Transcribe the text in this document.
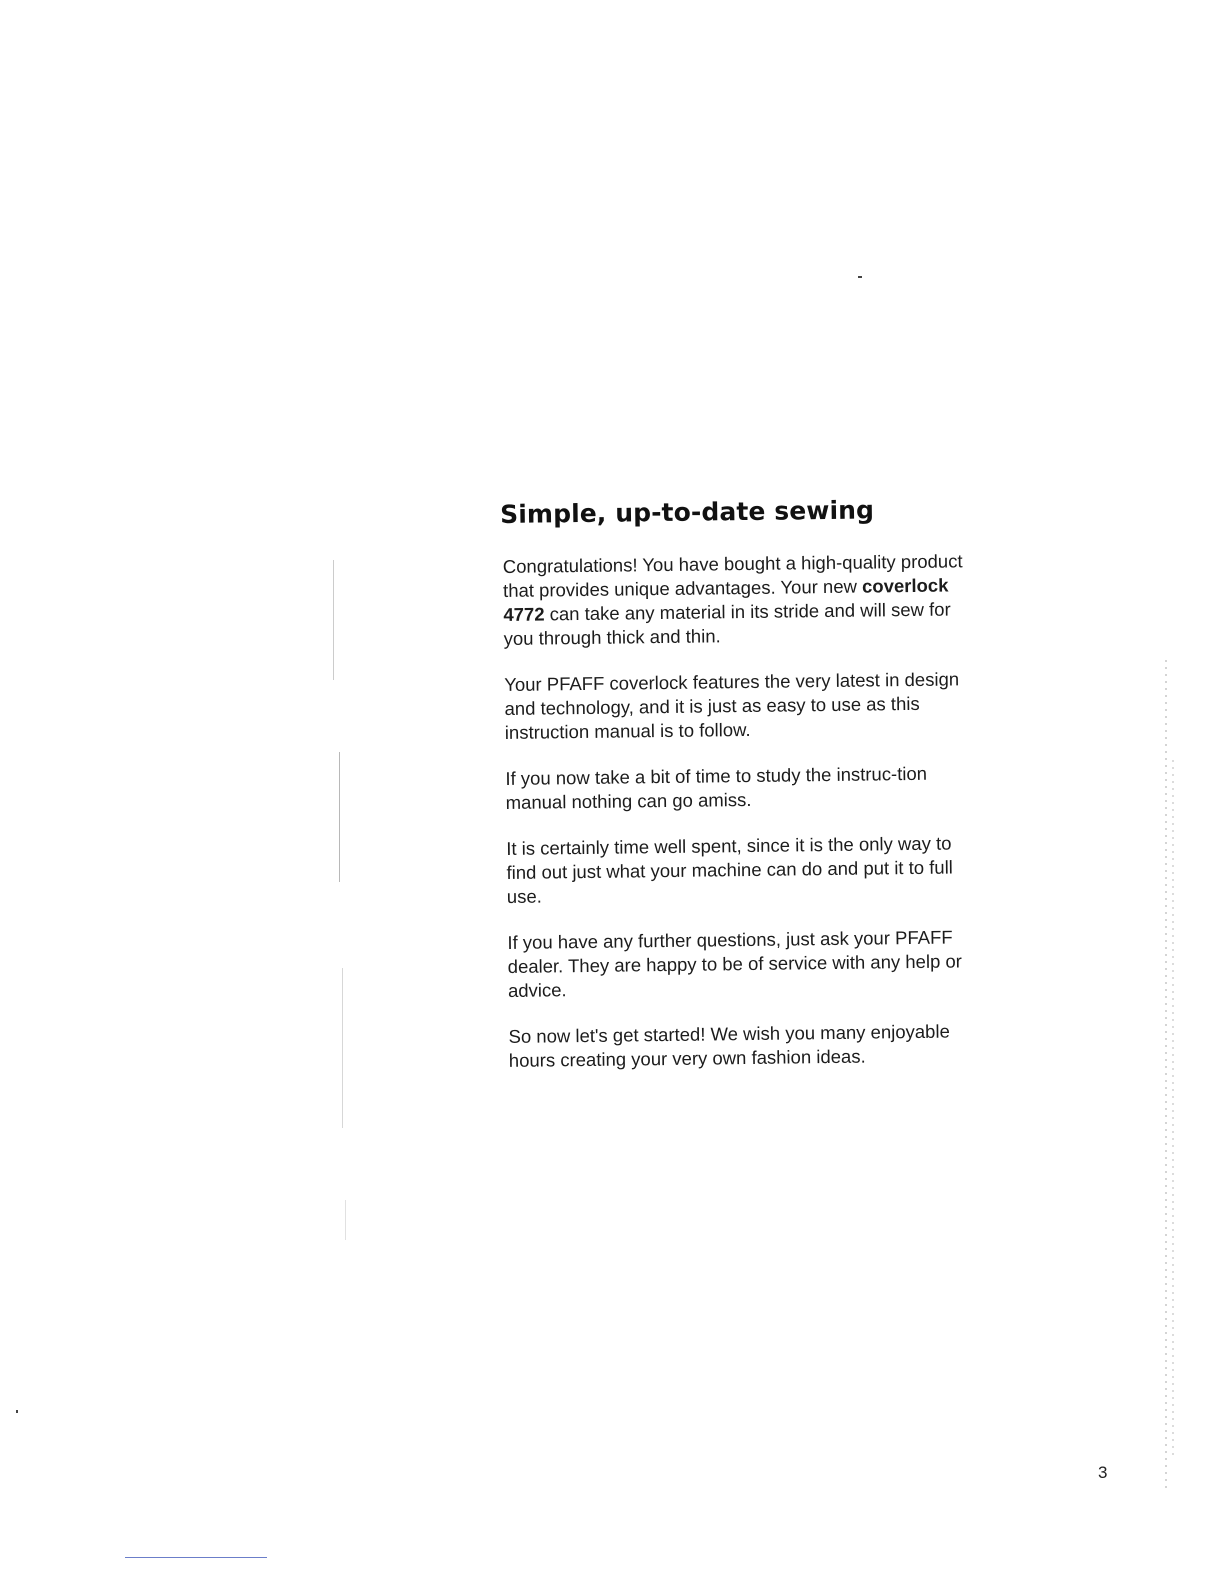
Simple, up-to-date sewing

Congratulations! You have bought a high-quality product that provides unique advantages. Your new coverlock 4772 can take any material in its stride and will sew for you through thick and thin.

Your PFAFF coverlock features the very latest in design and technology, and it is just as easy to use as this instruction manual is to follow.

If you now take a bit of time to study the instruc-tion manual nothing can go amiss.

It is certainly time well spent, since it is the only way to find out just what your machine can do and put it to full use.

If you have any further questions, just ask your PFAFF dealer. They are happy to be of service with any help or advice.

So now let's get started! We wish you many enjoyable hours creating your very own fashion ideas.

3
